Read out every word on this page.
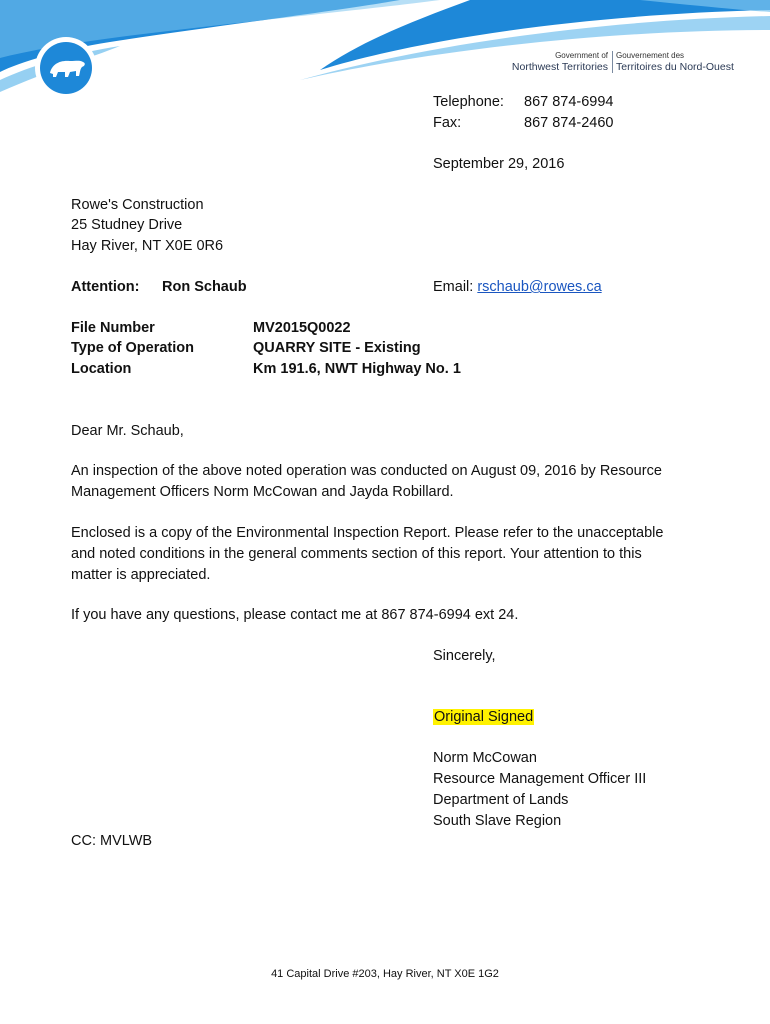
Government of
Northwest Territories
Gouvernement des
Territoires du Nord-Ouest
Telephone: 867 874-6994
Fax:	867 874-2460
September 29, 2016
Rowe's Construction
25 Studney Drive
Hay River, NT X0E 0R6
Attention: Ron Schaub	Email: rschaub@rowes.ca
File Number	MV2015Q0022
Type of Operation	QUARRY SITE - Existing
Location	Km 191.6, NWT Highway No. 1
Dear Mr. Schaub,
An inspection of the above noted operation was conducted on August 09, 2016 by Resource
Management Officers Norm McCowan and Jayda Robillard.
Enclosed is a copy of the Environmental Inspection Report. Please refer to the unacceptable
and noted conditions in the general comments section of this report. Your attention to this
matter is appreciated.
If you have any questions, please contact me at 867 874-6994 ext 24.
Sincerely,
Original Signed
Norm McCowan
Resource Management Officer III
Department of Lands
South Slave Region
CC: MVLWB
41 Capital Drive #203, Hay River, NT X0E 1G2
